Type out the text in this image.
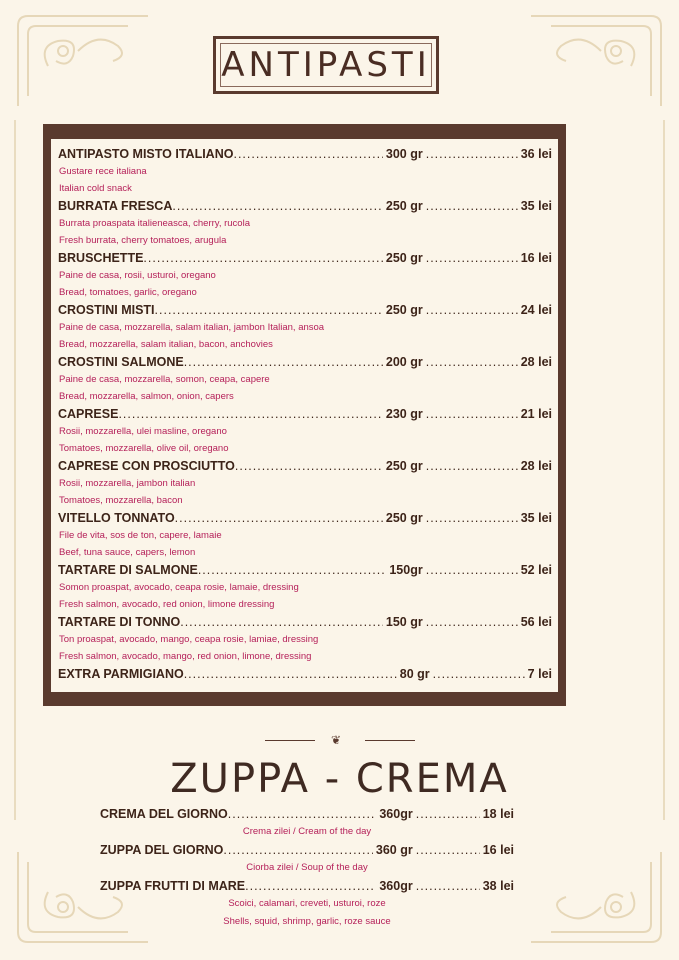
ANTIPASTI
ANTIPASTO MISTO ITALIANO .....	300 gr .....	36 lei
Gustare rece italiana
Italian cold snack
BURRATA FRESCA .....	250 gr .....	35 lei
Burrata proaspata italieneasca, cherry, rucola
Fresh burrata, cherry tomatoes, arugula
BRUSCHETTE .....	250 gr .....	16 lei
Paine de casa, rosii, usturoi, oregano
Bread, tomatoes, garlic, oregano
CROSTINI MISTI .....	250 gr .....	24 lei
Paine de casa, mozzarella, salam italian, jambon Italian, ansoa
Bread, mozzarella, salam italian, bacon, anchovies
CROSTINI SALMONE .....	200 gr .....	28 lei
Paine de casa, mozzarella, somon, ceapa, capere
Bread, mozzarella, salmon, onion, capers
CAPRESE .....	230 gr .....	21 lei
Rosii, mozzarella, ulei masline, oregano
Tomatoes, mozzarella, olive oil, oregano
CAPRESE CON PROSCIUTTO .....	250 gr .....	28 lei
Rosii, mozzarella, jambon italian
Tomatoes, mozzarella, bacon
VITELLO TONNATO .....	250 gr .....	35 lei
File de vita, sos de ton, capere, lamaie
Beef, tuna sauce, capers, lemon
TARTARE DI SALMONE .....	150gr .....	52 lei
Somon proaspat, avocado, ceapa rosie, lamaie, dressing
Fresh salmon, avocado, red onion, limone dressing
TARTARE DI TONNO .....	150 gr .....	56 lei
Ton proaspat, avocado, mango, ceapa rosie, lamiae, dressing
Fresh salmon, avocado, mango, red onion, limone, dressing
EXTRA PARMIGIANO .....	80 gr .....	7 lei
❦
ZUPPA - CREMA
CREMA DEL GIORNO .....	360gr .....	18 lei
Crema zilei / Cream of the day
ZUPPA DEL GIORNO .....	360 gr .....	16 lei
Ciorba zilei / Soup of the day
ZUPPA FRUTTI DI MARE .....	360gr .....	38 lei
Scoici, calamari, creveti, usturoi, roze
Shells, squid, shrimp, garlic, roze sauce
